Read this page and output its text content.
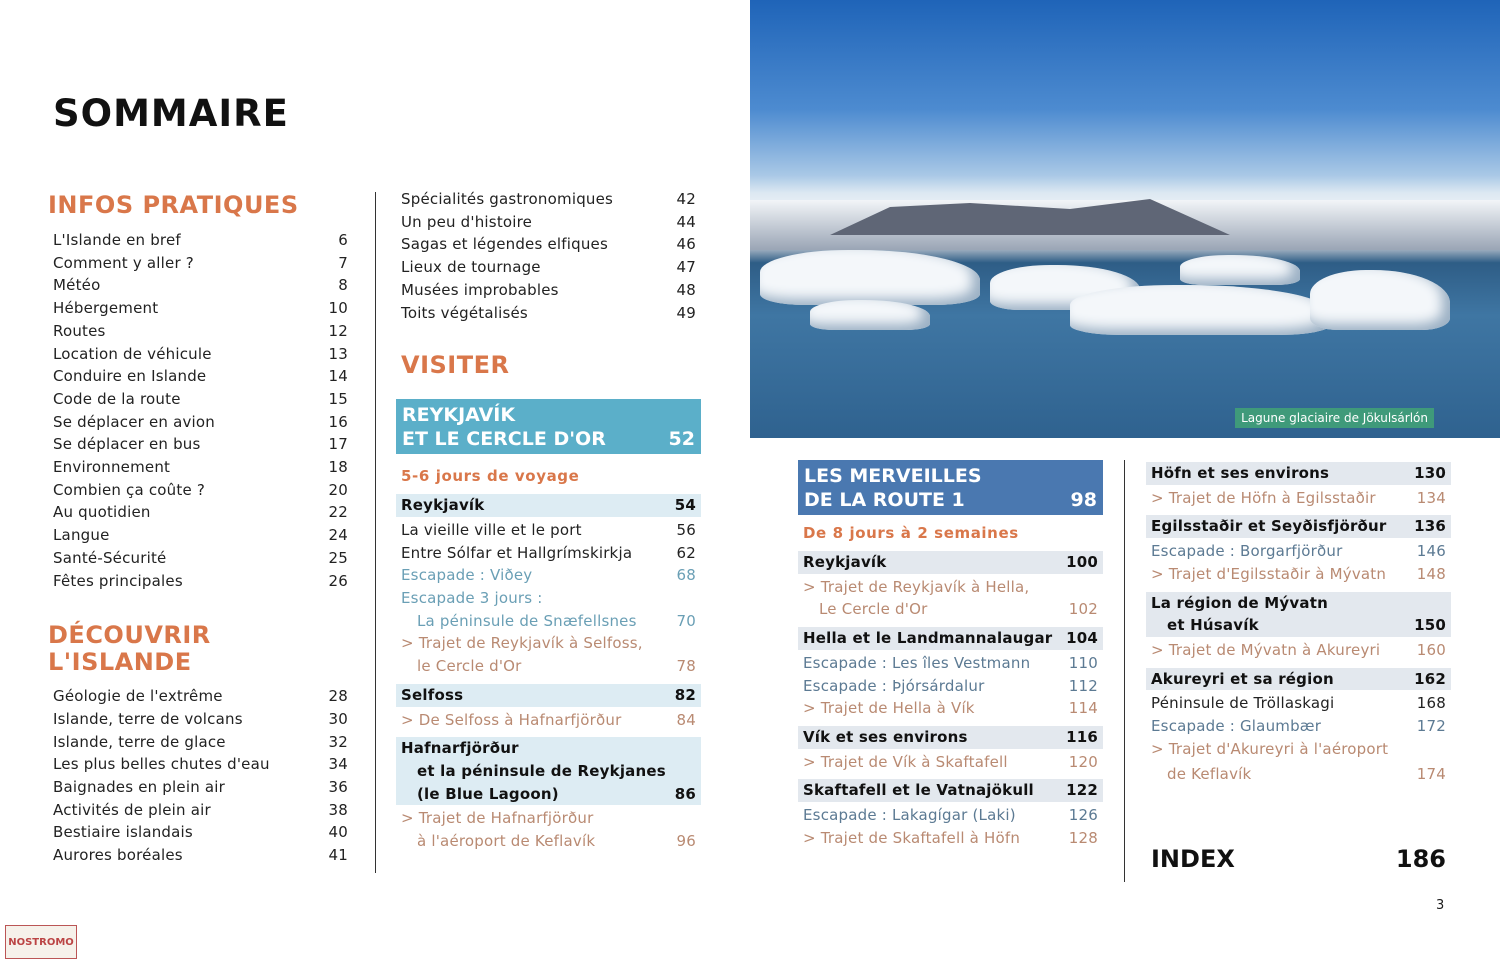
SOMMAIRE
INFOS PRATIQUES
L'Islande en bref	6
Comment y aller ?	7
Météo	8
Hébergement	10
Routes	12
Location de véhicule	13
Conduire en Islande	14
Code de la route	15
Se déplacer en avion	16
Se déplacer en bus	17
Environnement	18
Combien ça coûte ?	20
Au quotidien	22
Langue	24
Santé-Sécurité	25
Fêtes principales	26
DÉCOUVRIR L'ISLANDE
Géologie de l'extrême	28
Islande, terre de volcans	30
Islande, terre de glace	32
Les plus belles chutes d'eau	34
Baignades en plein air	36
Activités de plein air	38
Bestiaire islandais	40
Aurores boréales	41
Spécialités gastronomiques	42
Un peu d'histoire	44
Sagas et légendes elfiques	46
Lieux de tournage	47
Musées improbables	48
Toits végétalisés	49
VISITER
REYKJAVÍK
ET LE CERCLE D'OR	52
5-6 jours de voyage
Reykjavík	54
La vieille ville et le port	56
Entre Sólfar et Hallgrímskirkja	62
Escapade : Viðey	68
Escapade 3 jours :
La péninsule de Snæfellsnes	70
> Trajet de Reykjavík à Selfoss,
le Cercle d'Or	78
Selfoss	82
> De Selfoss à Hafnarfjörður	84
Hafnarfjörður
et la péninsule de Reykjanes
(le Blue Lagoon)	86
> Trajet de Hafnarfjörður
à l'aéroport de Keflavík	96
Lagune glaciaire de Jökulsárlón
LES MERVEILLES
DE LA ROUTE 1	98
De 8 jours à 2 semaines
Reykjavík	100
> Trajet de Reykjavík à Hella,
Le Cercle d'Or	102
Hella et le Landmannalaugar 104
Escapade : Les îles Vestmann	110
Escapade : Þjórsárdalur	112
> Trajet de Hella à Vík	114
Vík et ses environs	116
> Trajet de Vík à Skaftafell	120
Skaftafell et le Vatnajökull 122
Escapade : Lakagígar (Laki)	126
> Trajet de Skaftafell à Höfn	128
Höfn et ses environs	130
> Trajet de Höfn à Egilsstaðir	134
Egilsstaðir et Seyðisfjörður 136
Escapade : Borgarfjörður	146
> Trajet d'Egilsstaðir à Mývatn	148
La région de Mývatn
et Húsavík	150
> Trajet de Mývatn à Akureyri	160
Akureyri et sa région	162
Péninsule de Tröllaskagi	168
Escapade : Glaumbær	172
> Trajet d'Akureyri à l'aéroport
de Keflavík	174
INDEX	186
3
NOSTROMO
